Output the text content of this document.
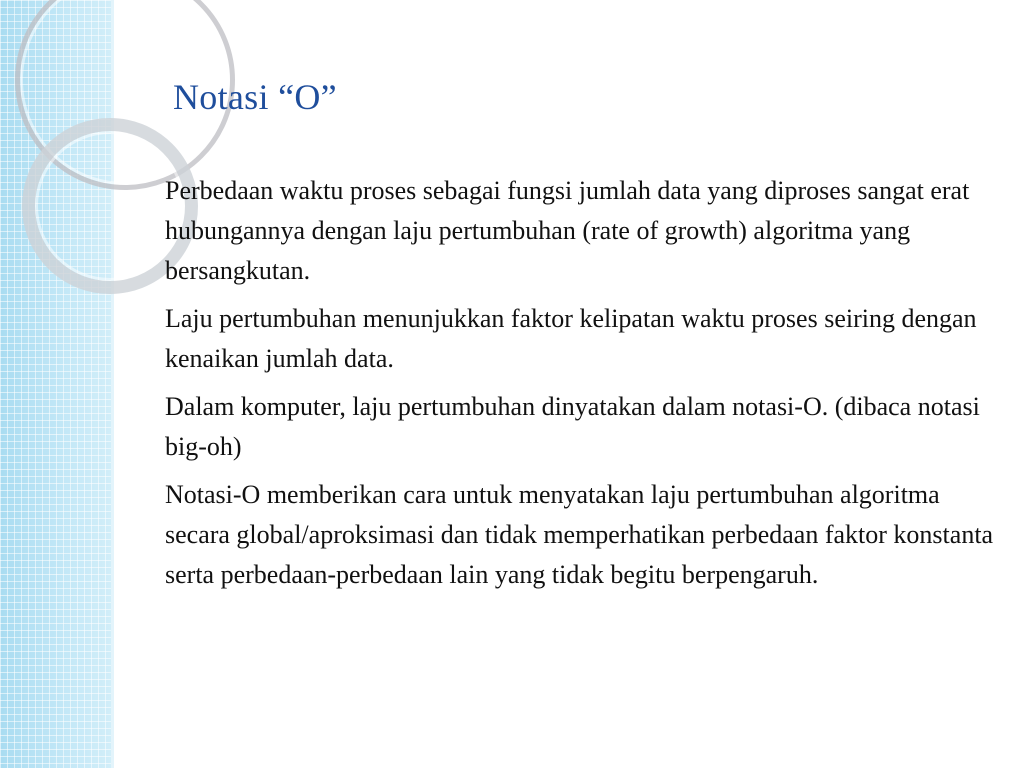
Notasi “O”

Perbedaan waktu proses sebagai fungsi jumlah data yang diproses sangat erat hubungannya dengan laju pertumbuhan (rate of growth) algoritma yang bersangkutan.

Laju pertumbuhan menunjukkan faktor kelipatan waktu proses seiring dengan kenaikan jumlah data.

Dalam komputer, laju pertumbuhan dinyatakan dalam notasi-O. (dibaca notasi big-oh)

Notasi-O memberikan cara untuk menyatakan laju pertumbuhan algoritma secara global/aproksimasi dan tidak memperhatikan perbedaan faktor konstanta serta perbedaan-perbedaan lain yang tidak begitu berpengaruh.
